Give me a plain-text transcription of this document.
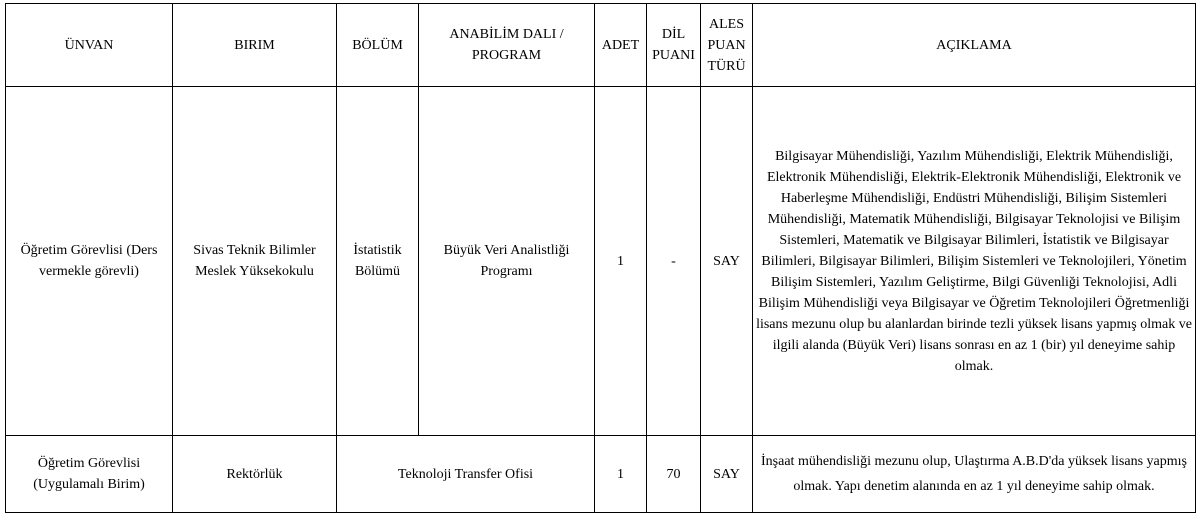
ÜNVAN	BIRIM	BÖLÜM	ANABİLİM DALI / PROGRAM	ADET	DİL PUANI	ALES PUAN TÜRÜ	AÇIKLAMA
Öğretim Görevlisi (Ders vermekle görevli)	Sivas Teknik Bilimler Meslek Yüksekokulu	İstatistik Bölümü	Büyük Veri Analistliği Programı	1	-	SAY	Bilgisayar Mühendisliği, Yazılım Mühendisliği, Elektrik Mühendisliği, Elektronik Mühendisliği, Elektrik-Elektronik Mühendisliği, Elektronik ve Haberleşme Mühendisliği, Endüstri Mühendisliği, Bilişim Sistemleri Mühendisliği, Matematik Mühendisliği, Bilgisayar Teknolojisi ve Bilişim Sistemleri, Matematik ve Bilgisayar Bilimleri, İstatistik ve Bilgisayar Bilimleri, Bilgisayar Bilimleri, Bilişim Sistemleri ve Teknolojileri, Yönetim Bilişim Sistemleri, Yazılım Geliştirme, Bilgi Güvenliği Teknolojisi, Adli Bilişim Mühendisliği veya Bilgisayar ve Öğretim Teknolojileri Öğretmenliği lisans mezunu olup bu alanlardan birinde tezli yüksek lisans yapmış olmak ve ilgili alanda (Büyük Veri) lisans sonrası en az 1 (bir) yıl deneyime sahip olmak.
Öğretim Görevlisi (Uygulamalı Birim)	Rektörlük	Teknoloji Transfer Ofisi		1	70	SAY	İnşaat mühendisliği mezunu olup, Ulaştırma A.B.D'da yüksek lisans yapmış olmak. Yapı denetim alanında en az 1 yıl deneyime sahip olmak.
